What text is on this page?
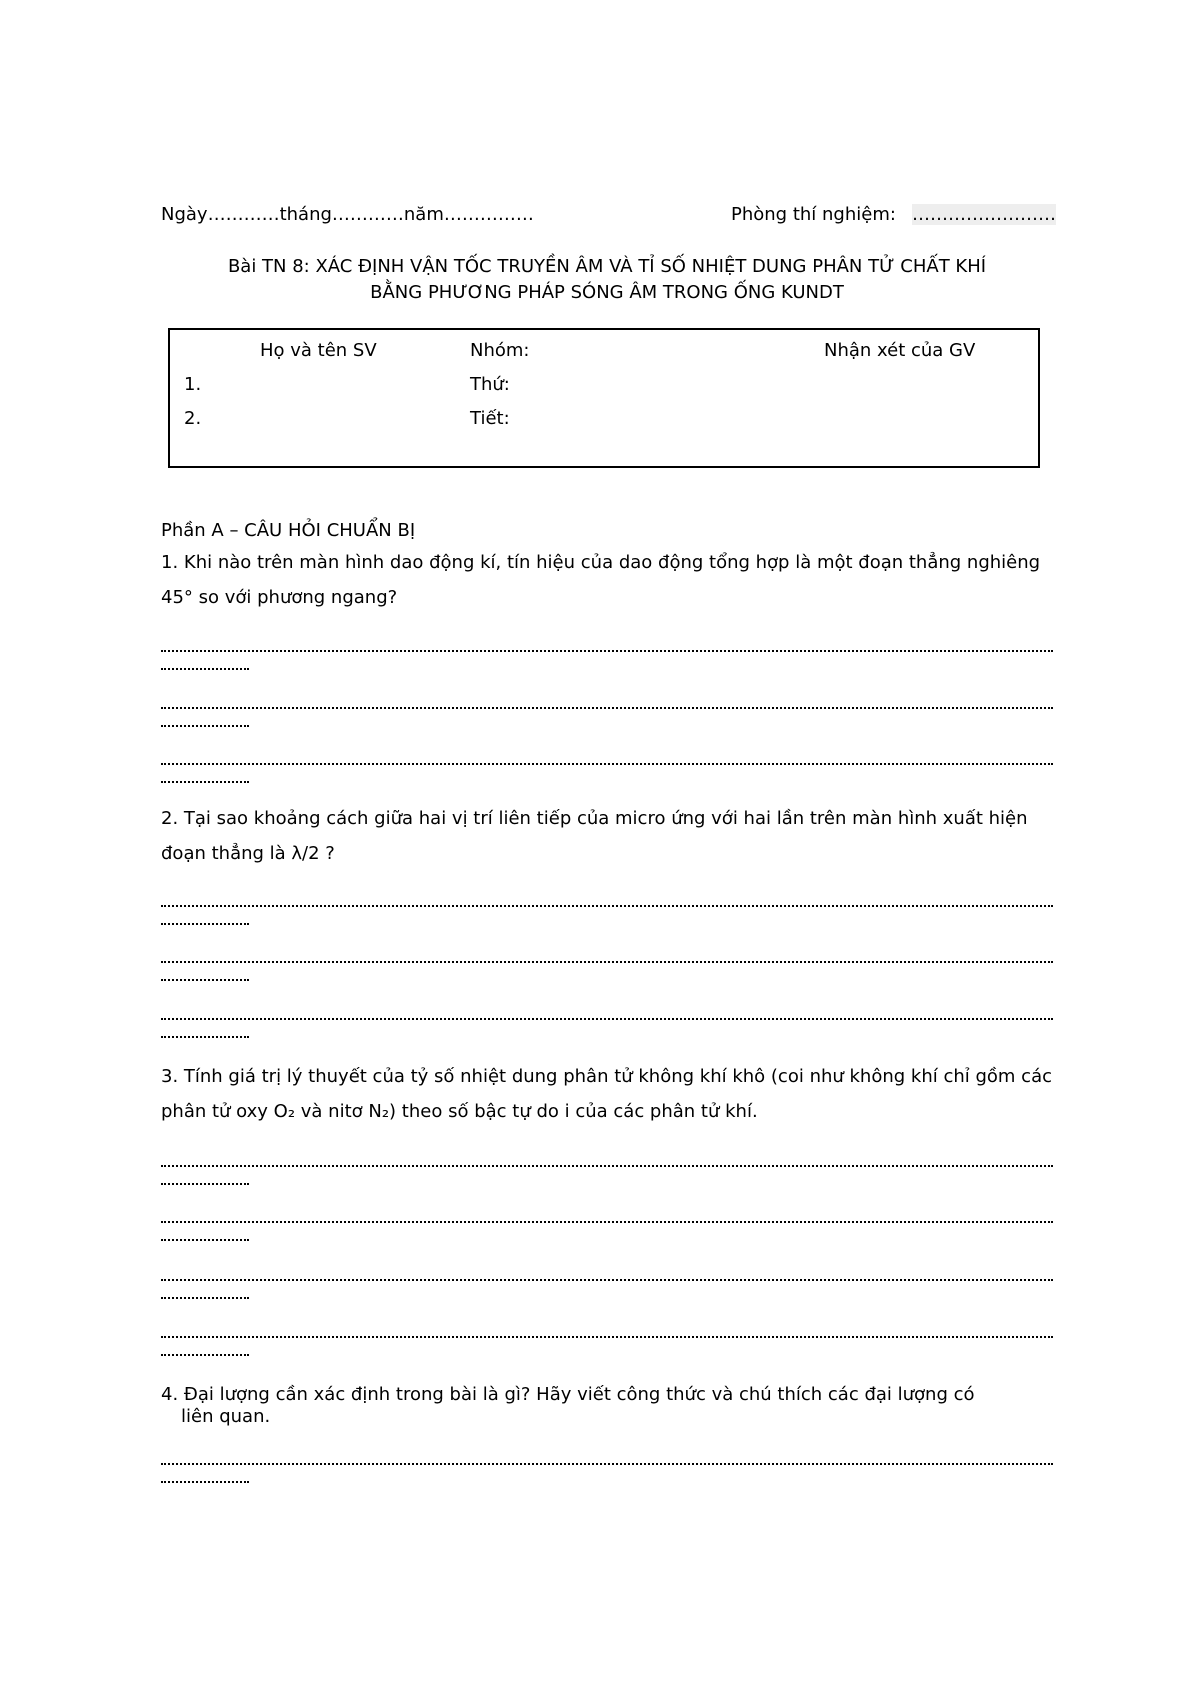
Ngày…………tháng…………năm……………	Phòng thí nghiệm: ……………………
Bài TN 8: XÁC ĐỊNH VẬN TỐC TRUYỀN ÂM VÀ TỈ SỐ NHIỆT DUNG PHÂN TỬ CHẤT KHÍ
BẰNG PHƯƠNG PHÁP SÓNG ÂM TRONG ỐNG KUNDT
Họ và tên SV
1.
2.
Nhóm:
Thứ:
Tiết:
Nhận xét của GV
Phần A – CÂU HỎI CHUẨN BỊ
1. Khi nào trên màn hình dao động kí, tín hiệu của dao động tổng hợp là một đoạn thẳng nghiêng 45° so với phương ngang?
2. Tại sao khoảng cách giữa hai vị trí liên tiếp của micro ứng với hai lần trên màn hình xuất hiện đoạn thẳng là λ/2 ?
3. Tính giá trị lý thuyết của tỷ số nhiệt dung phân tử không khí khô (coi như không khí chỉ gồm các phân tử oxy O₂ và nitơ N₂) theo số bậc tự do i của các phân tử khí.
4. Đại lượng cần xác định trong bài là gì? Hãy viết công thức và chú thích các đại lượng có
liên quan.
